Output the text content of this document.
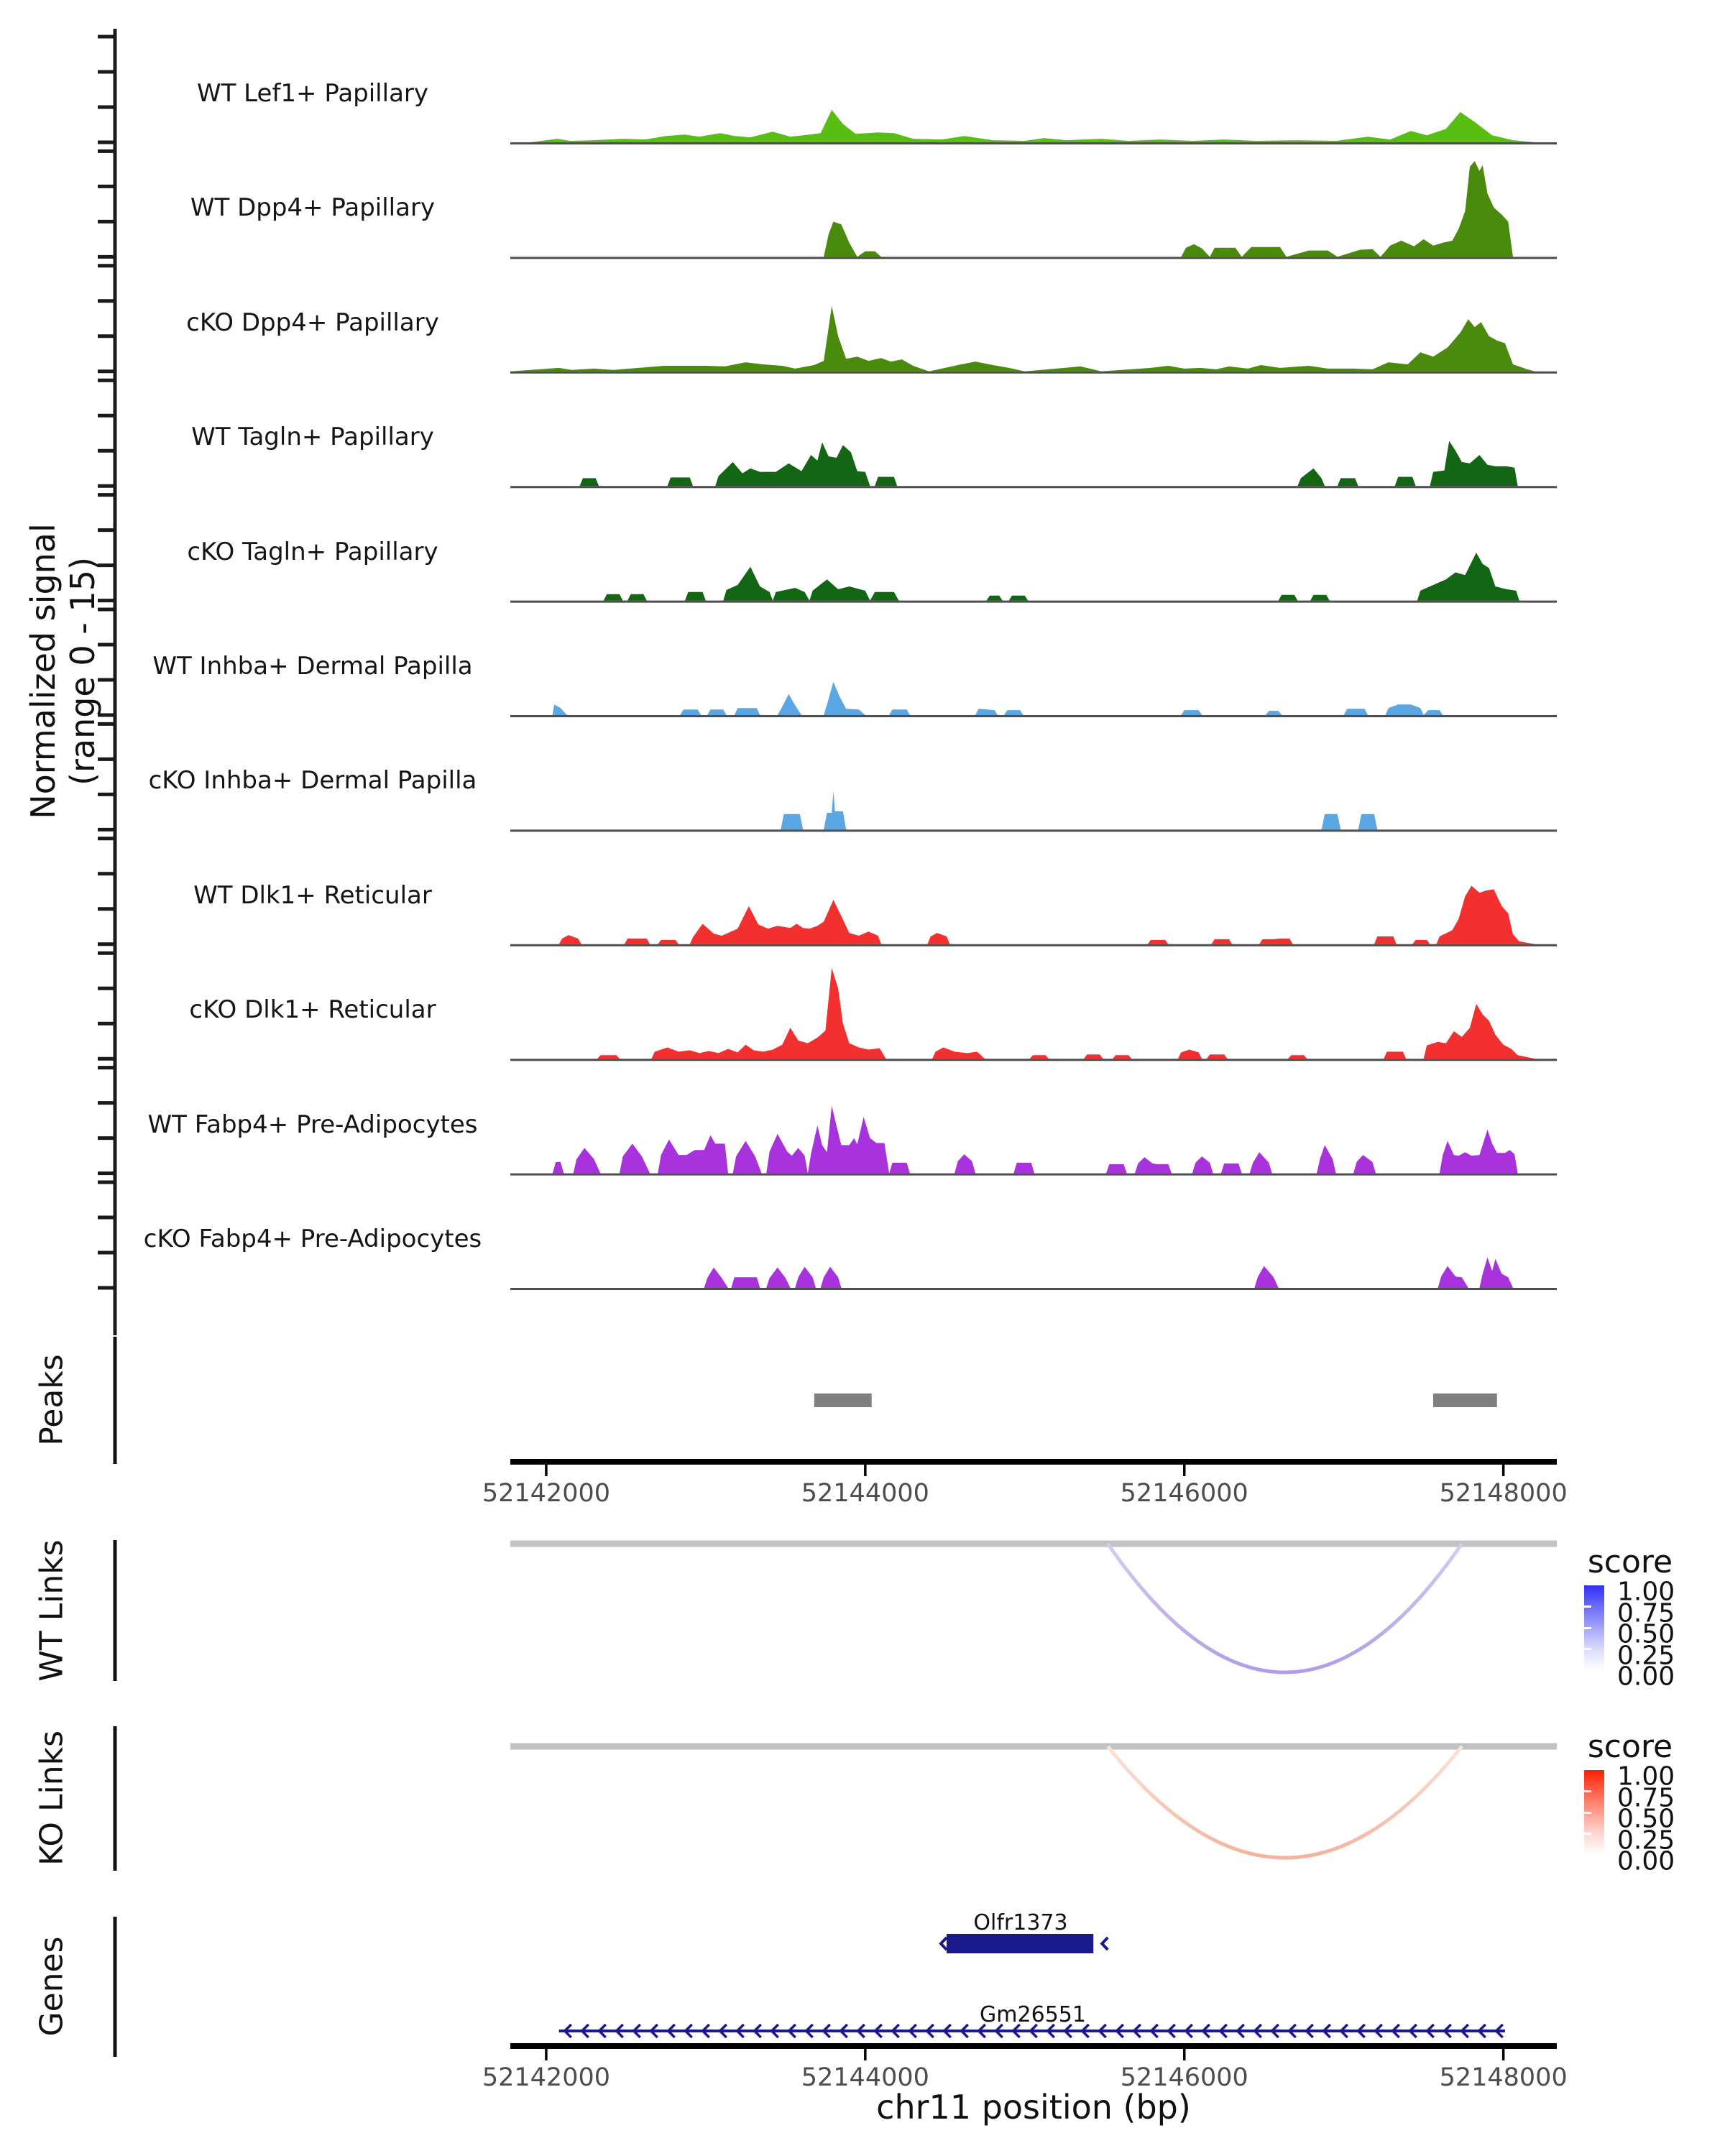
Normalized signal (range 0 - 15)
WT Lef1+ Papillary
WT Dpp4+ Papillary
cKO Dpp4+ Papillary
WT Tagln+ Papillary
cKO Tagln+ Papillary
WT Inhba+ Dermal Papilla
cKO Inhba+ Dermal Papilla
WT Dlk1+ Reticular
cKO Dlk1+ Reticular
WT Fabp4+ Pre-Adipocytes
cKO Fabp4+ Pre-Adipocytes
Peaks
WT Links
KO Links
Genes
52142000	52144000	52146000	52148000
52142000	52144000	52146000	52148000
chr11 position (bp)
score
1.00
0.75
0.50
0.25
0.00
score
1.00
0.75
0.50
0.25
0.00
Olfr1373
Gm26551
